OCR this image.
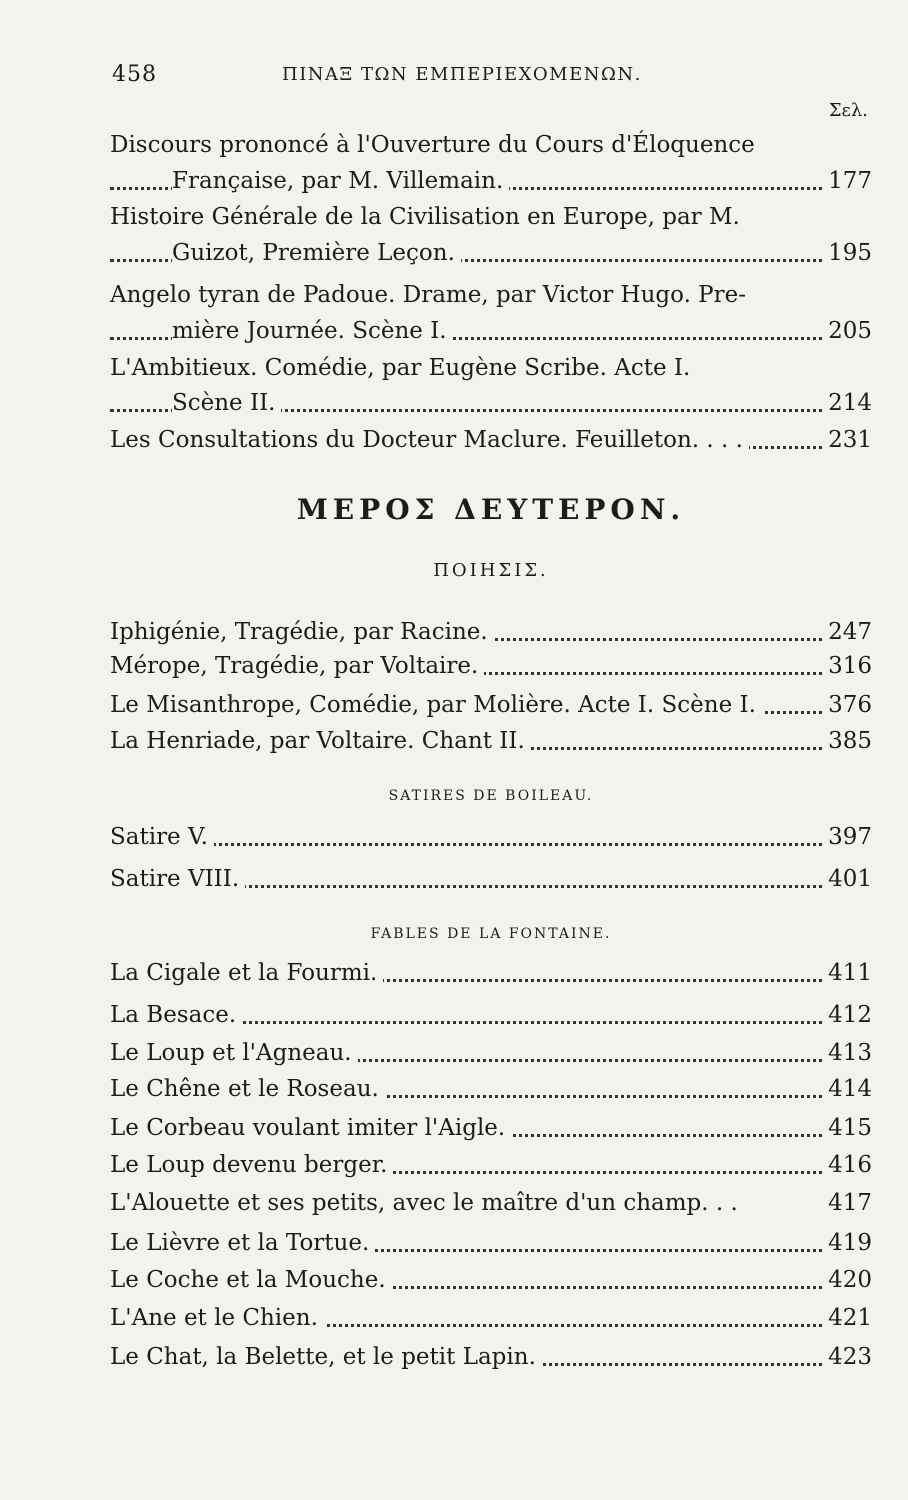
458	ΠΙΝΑΞ ΤΩΝ ΕΜΠΕΡΙΕΧΟΜΕΝΩΝ.
Σελ.
Discours prononcé à l'Ouverture du Cours d'Éloquence
Française, par M. Villemain.	177
Histoire Générale de la Civilisation en Europe, par M.
Guizot, Première Leçon.	195
Angelo tyran de Padoue. Drame, par Victor Hugo. Pre-
mière Journée. Scène I.	205
L'Ambitieux. Comédie, par Eugène Scribe. Acte I.
Scène II.	214
Les Consultations du Docteur Maclure. Feuilleton. . . .	231
ΜΕΡΟΣ ΔΕΥΤΕΡΟΝ.
ΠΟΙΗΣΙΣ.
Iphigénie, Tragédie, par Racine.	247
Mérope, Tragédie, par Voltaire.	316
Le Misanthrope, Comédie, par Molière. Acte I. Scène I.	376
La Henriade, par Voltaire. Chant II.	385
SATIRES DE BOILEAU.
Satire V.	397
Satire VIII.	401
FABLES DE LA FONTAINE.
La Cigale et la Fourmi.	411
La Besace.	412
Le Loup et l'Agneau.	413
Le Chêne et le Roseau.	414
Le Corbeau voulant imiter l'Aigle.	415
Le Loup devenu berger.	416
L'Alouette et ses petits, avec le maître d'un champ. . .	417
Le Lièvre et la Tortue.	419
Le Coche et la Mouche.	420
L'Ane et le Chien.	421
Le Chat, la Belette, et le petit Lapin.	423
